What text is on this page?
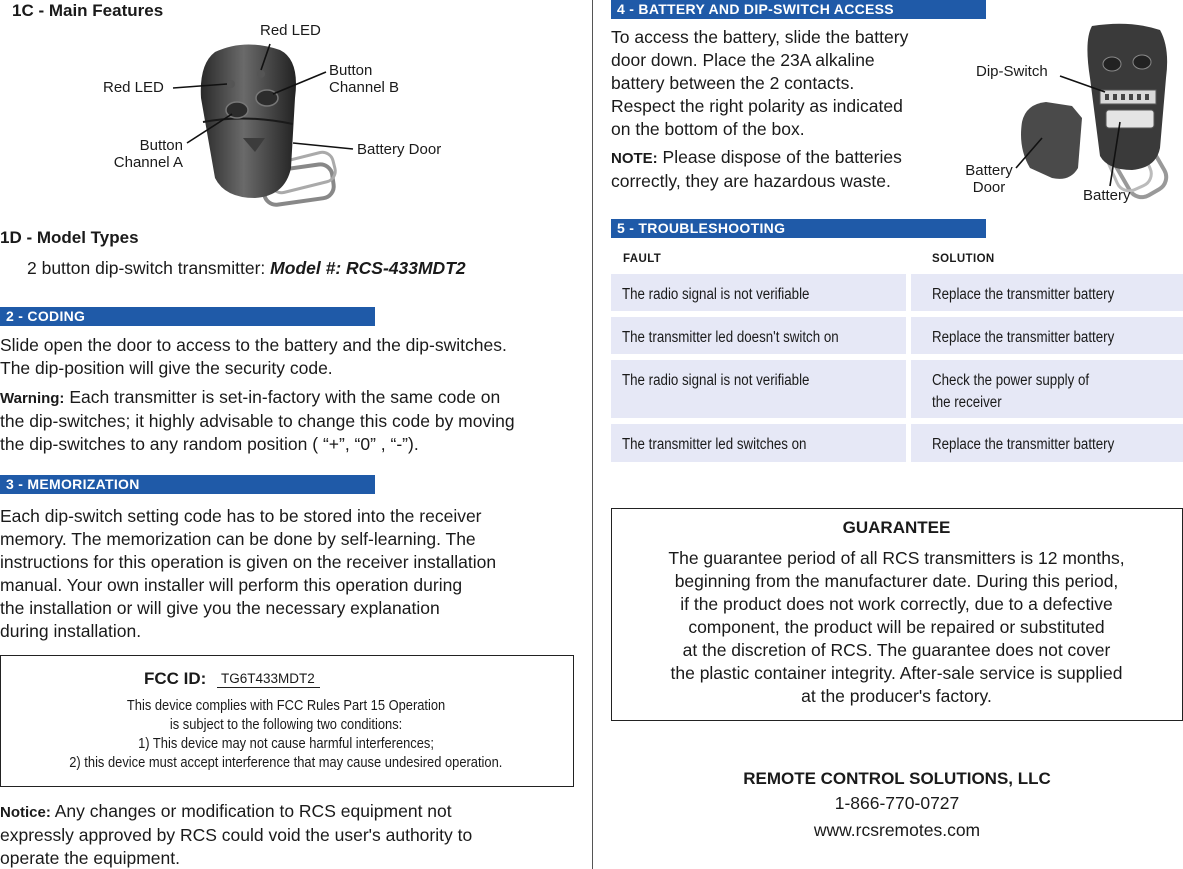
1C - Main Features
Red LED
Red LED
Button
Channel B
Button
Channel A
Battery Door
1D - Model Types
2 button dip-switch transmitter: Model #: RCS-433MDT2
2 - CODING
Slide open the door to access to the battery and the dip-switches.
The dip-position will give the security code.
Warning: Each transmitter is set-in-factory with the same code on
the dip-switches; it highly advisable to change this code by moving
the dip-switches to any random position ( “+”, “0” , “-”).
3 - MEMORIZATION
Each dip-switch setting code has to be stored into the receiver
memory. The memorization can be done by self-learning. The
instructions for this operation is given on the receiver installation
manual. Your own installer will perform this operation during
the installation or will give you the necessary explanation
during installation.
FCC ID: TG6T433MDT2
This device complies with FCC Rules Part 15 Operation
is subject to the following two conditions:
1) This device may not cause harmful interferences;
2) this device must accept interference that may cause undesired operation.
Notice: Any changes or modification to RCS equipment not
expressly approved by RCS could void the user's authority to
operate the equipment.
4 - BATTERY AND DIP-SWITCH ACCESS
To access the battery, slide the battery
door down. Place the 23A alkaline
battery between the 2 contacts.
Respect the right polarity as indicated
on the bottom of the box.
NOTE: Please dispose of the batteries
correctly, they are hazardous waste.
Dip-Switch
Battery
Door	Battery
5 - TROUBLESHOOTING
FAULT	SOLUTION
The radio signal is not verifiable	Replace the transmitter battery
The transmitter led doesn't switch on	Replace the transmitter battery
The radio signal is not verifiable	Check the power supply of
the receiver
The transmitter led switches on	Replace the transmitter battery
GUARANTEE
The guarantee period of all RCS transmitters is 12 months,
beginning from the manufacturer date. During this period,
if the product does not work correctly, due to a defective
component, the product will be repaired or substituted
at the discretion of RCS. The guarantee does not cover
the plastic container integrity. After-sale service is supplied
at the producer's factory.
REMOTE CONTROL SOLUTIONS, LLC
1-866-770-0727
www.rcsremotes.com
